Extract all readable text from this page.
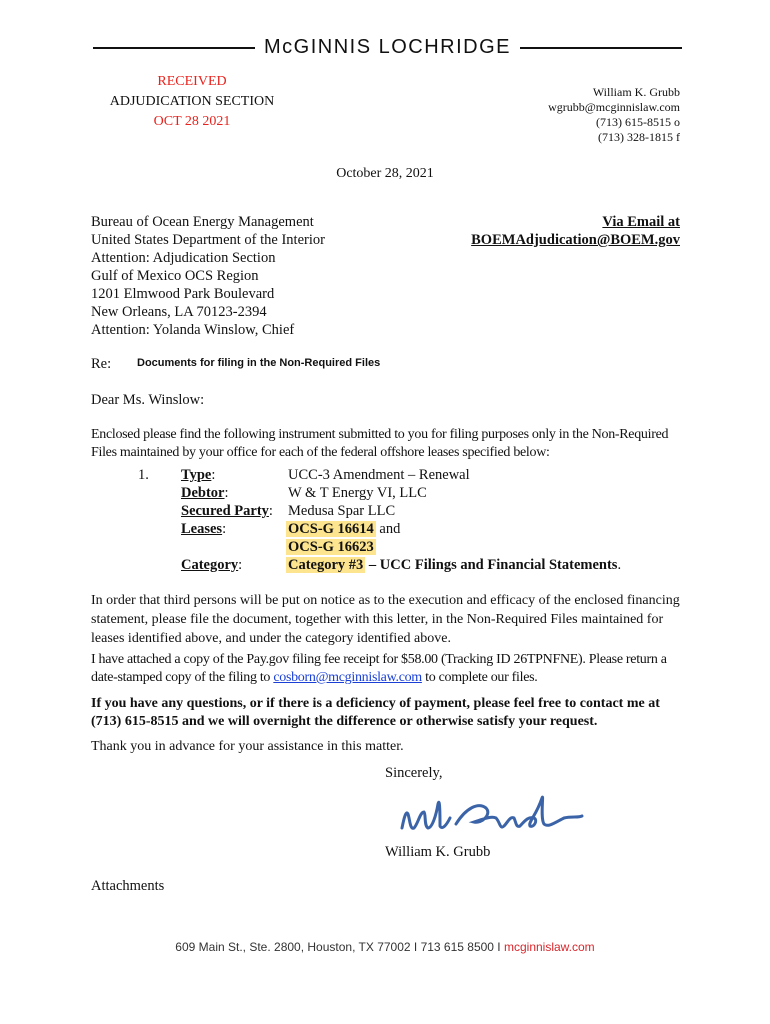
McGINNIS LOCHRIDGE
RECEIVED
ADJUDICATION SECTION
OCT 28 2021
William K. Grubb
wgrubb@mcginnislaw.com
(713) 615-8515 o
(713) 328-1815 f
October 28, 2021
Bureau of Ocean Energy Management
United States Department of the Interior
Attention: Adjudication Section
Gulf of Mexico OCS Region
1201 Elmwood Park Boulevard
New Orleans, LA 70123-2394
Attention: Yolanda Winslow, Chief
Via Email at
BOEMAdjudication@BOEM.gov
Re: Documents for filing in the Non-Required Files
Dear Ms. Winslow:
Enclosed please find the following instrument submitted to you for filing purposes only in the Non-Required Files maintained by your office for each of the federal offshore leases specified below:
1. Type:	UCC-3 Amendment – Renewal
Debtor:	W & T Energy VI, LLC
Secured Party: Medusa Spar LLC
Leases:	OCS-G 16614 and
OCS-G 16623
Category:	Category #3 – UCC Filings and Financial Statements.
In order that third persons will be put on notice as to the execution and efficacy of the enclosed financing statement, please file the document, together with this letter, in the Non-Required Files maintained for leases identified above, and under the category identified above.
I have attached a copy of the Pay.gov filing fee receipt for $58.00 (Tracking ID 26TPNFNE). Please return a date-stamped copy of the filing to cosborn@mcginnislaw.com to complete our files.
If you have any questions, or if there is a deficiency of payment, please feel free to contact me at (713) 615-8515 and we will overnight the difference or otherwise satisfy your request.
Thank you in advance for your assistance in this matter.
Sincerely,
William K. Grubb
Attachments
609 Main St., Ste. 2800, Houston, TX 77002 I 713 615 8500 I mcginnislaw.com
